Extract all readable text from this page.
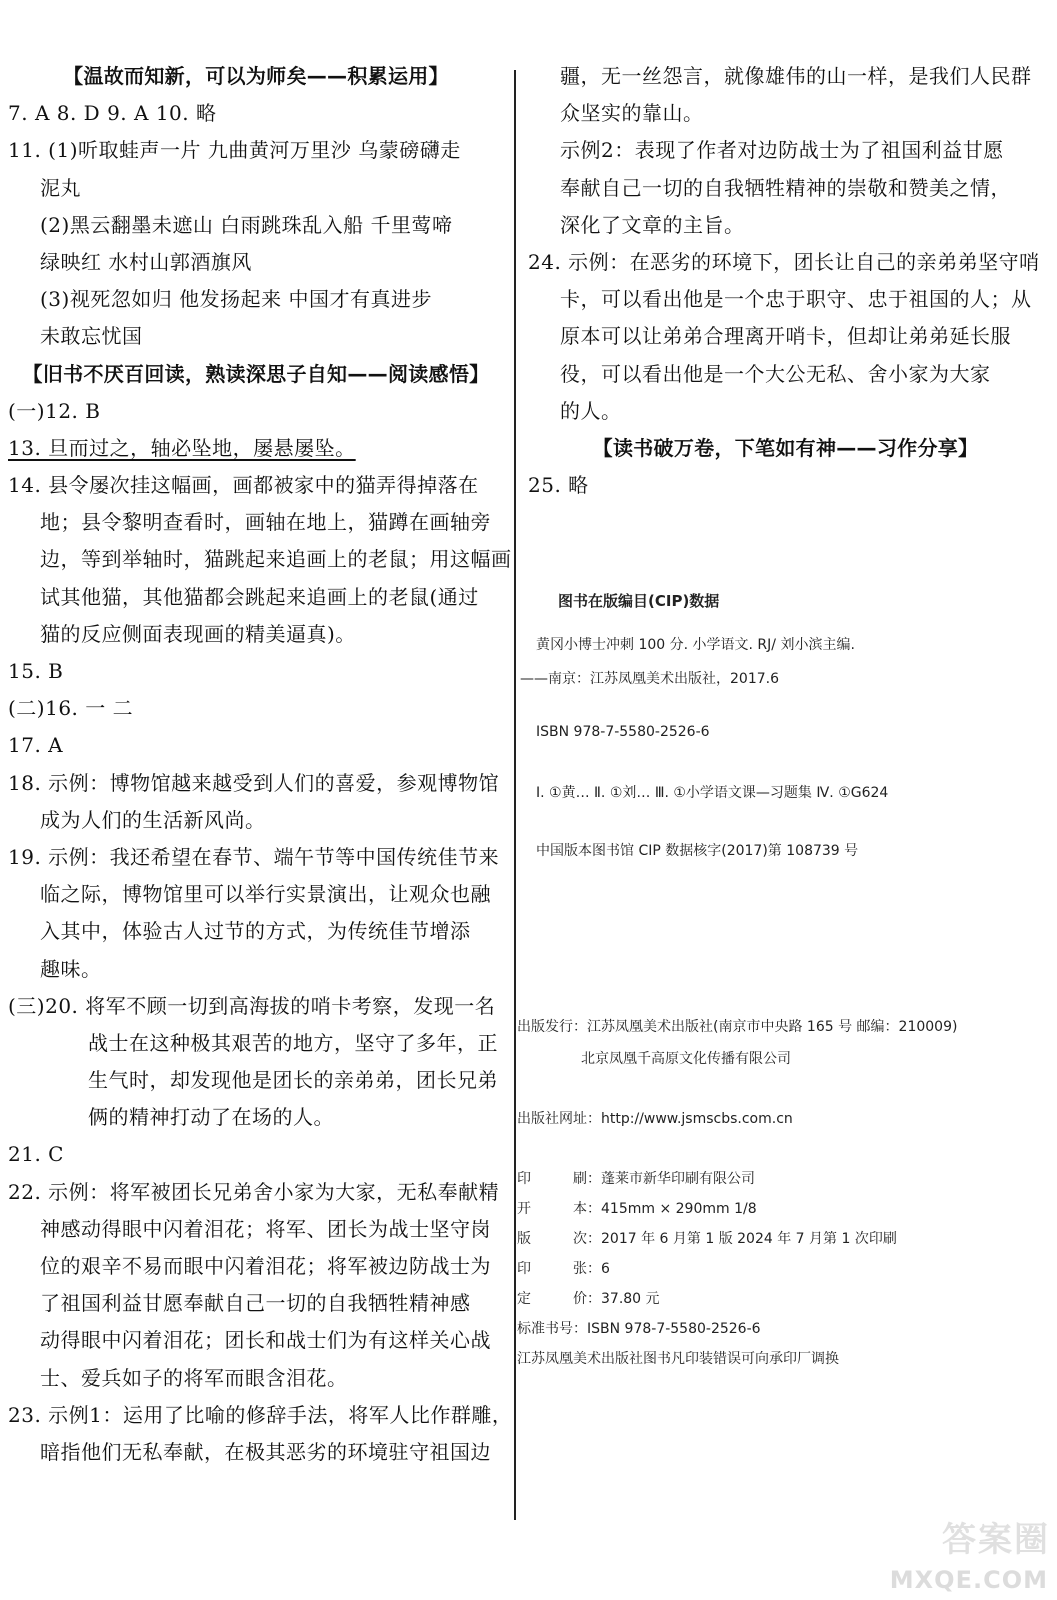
【温故而知新，可以为师矣——积累运用】
7. A 8. D 9. A 10. 略
11. (1)听取蛙声一片 九曲黄河万里沙 乌蒙磅礴走
泥丸
(2)黑云翻墨未遮山 白雨跳珠乱入船 千里莺啼
绿映红 水村山郭酒旗风
(3)视死忽如归 他发扬起来 中国才有真进步
未敢忘忧国
【旧书不厌百回读，熟读深思子自知——阅读感悟】
(一)12. B
13. 旦而过之，轴必坠地，屡悬屡坠。
14. 县令屡次挂这幅画，画都被家中的猫弄得掉落在
地；县令黎明查看时，画轴在地上，猫蹲在画轴旁
边，等到举轴时，猫跳起来追画上的老鼠；用这幅画
试其他猫，其他猫都会跳起来追画上的老鼠(通过
猫的反应侧面表现画的精美逼真)。
15. B
(二)16. 一 二
17. A
18. 示例：博物馆越来越受到人们的喜爱，参观博物馆
成为人们的生活新风尚。
19. 示例：我还希望在春节、端午节等中国传统佳节来
临之际，博物馆里可以举行实景演出，让观众也融
入其中，体验古人过节的方式，为传统佳节增添
趣味。
(三)20. 将军不顾一切到高海拔的哨卡考察，发现一名
战士在这种极其艰苦的地方，坚守了多年，正
生气时，却发现他是团长的亲弟弟，团长兄弟
俩的精神打动了在场的人。
21. C
22. 示例：将军被团长兄弟舍小家为大家，无私奉献精
神感动得眼中闪着泪花；将军、团长为战士坚守岗
位的艰辛不易而眼中闪着泪花；将军被边防战士为
了祖国利益甘愿奉献自己一切的自我牺牲精神感
动得眼中闪着泪花；团长和战士们为有这样关心战
士、爱兵如子的将军而眼含泪花。
23. 示例1：运用了比喻的修辞手法，将军人比作群雕，
暗指他们无私奉献，在极其恶劣的环境驻守祖国边
疆，无一丝怨言，就像雄伟的山一样，是我们人民群
众坚实的靠山。
示例2：表现了作者对边防战士为了祖国利益甘愿
奉献自己一切的自我牺牲精神的崇敬和赞美之情，
深化了文章的主旨。
24. 示例：在恶劣的环境下，团长让自己的亲弟弟坚守哨
卡，可以看出他是一个忠于职守、忠于祖国的人；从
原本可以让弟弟合理离开哨卡，但却让弟弟延长服
役，可以看出他是一个大公无私、舍小家为大家
的人。
【读书破万卷，下笔如有神——习作分享】
25. 略
图书在版编目(CIP)数据
黄冈小博士冲刺 100 分. 小学语文. RJ/ 刘小滨主编.
——南京：江苏凤凰美术出版社，2017.6
ISBN 978-7-5580-2526-6
Ⅰ. ①黄… Ⅱ. ①刘… Ⅲ. ①小学语文课—习题集 Ⅳ. ①G624
中国版本图书馆 CIP 数据核字(2017)第 108739 号
出版发行：江苏凤凰美术出版社(南京市中央路 165 号 邮编：210009)
北京凤凰千高原文化传播有限公司
出版社网址：http://www.jsmscbs.com.cn
印	刷：蓬莱市新华印刷有限公司
开	本：415mm × 290mm 1/8
版	次：2017 年 6 月第 1 版 2024 年 7 月第 1 次印刷
印	张：6
定	价：37.80 元
标准书号：ISBN 978-7-5580-2526-6
江苏凤凰美术出版社图书凡印装错误可向承印厂调换
答案圈
MXQE.COM
